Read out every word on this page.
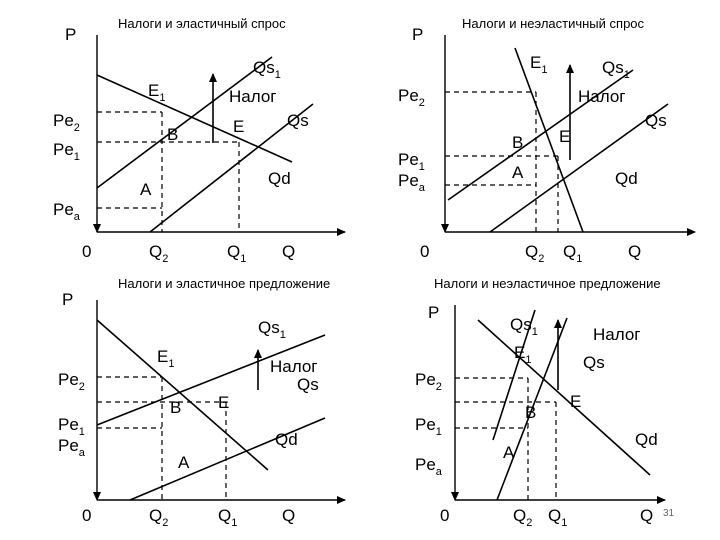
31
Налоги и эластичный спрос
P
0	Q
$Pe_2$
$Pe_1$
$Pe_a$
$Q_2$	$Q_1$
$Qs_1$
Qs
Qd
Налог
$E_1$
E
B
A
Налоги и неэластичный спрос
P
0	Q
$Pe_2$
$Pe_1$
$Pe_a$
$Q_2$ $Q_1$
$Qs_1$
Qs
Qd
Налог
$E_1$
E
B
A
Налоги и эластичное предложение
P
0	Q
$Pe_2$
$Pe_1$
$Pe_a$
$Q_2$	$Q_1$
$Qs_1$
Qs
Qd
Налог
$E_1$
E
B
A
Налоги и неэластичное предложение
P
0	Q
$Pe_2$
$Pe_1$
$Pe_a$
$Q_2$ $Q_1$
$Qs_1$
Qs
Qd
Налог
$E_1$
E
B
A
